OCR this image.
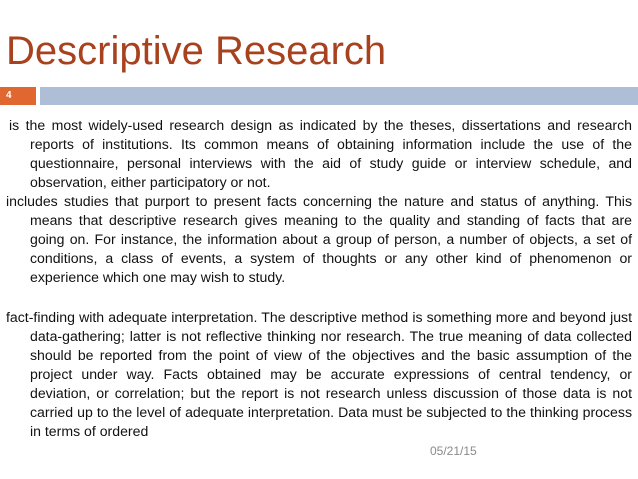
Descriptive Research
4

is the most widely-used research design as indicated by the theses, dissertations and research reports of institutions. Its common means of obtaining information include the use of the questionnaire, personal interviews with the aid of study guide or interview schedule, and observation, either participatory or not.

includes studies that purport to present facts concerning the nature and status of anything. This means that descriptive research gives meaning to the quality and standing of facts that are going on. For instance, the information about a group of person, a number of objects, a set of conditions, a class of events, a system of thoughts or any other kind of phenomenon or experience which one may wish to study.

fact-finding with adequate interpretation. The descriptive method is something more and beyond just data-gathering; latter is not reflective thinking nor research. The true meaning of data collected should be reported from the point of view of the objectives and the basic assumption of the project under way. Facts obtained may be accurate expressions of central tendency, or deviation, or correlation; but the report is not research unless discussion of those data is not carried up to the level of adequate interpretation. Data must be subjected to the thinking process in terms of ordered

05/21/15
